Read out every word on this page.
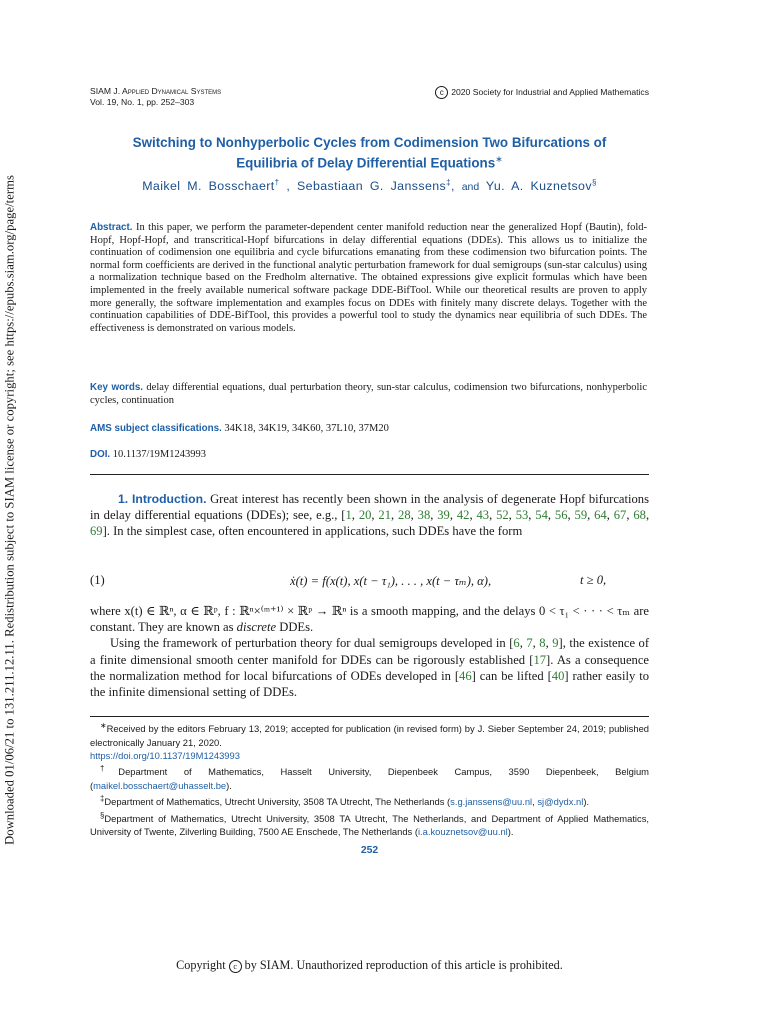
Downloaded 01/06/21 to 131.211.12.11. Redistribution subject to SIAM license or copyright; see https://epubs.siam.org/page/terms
SIAM J. Applied Dynamical Systems
Vol. 19, No. 1, pp. 252–303
c 2020 Society for Industrial and Applied Mathematics
Switching to Nonhyperbolic Cycles from Codimension Two Bifurcations of
Equilibria of Delay Differential Equations∗
Maikel M. Bosschaert† , Sebastiaan G. Janssens‡, and Yu. A. Kuznetsov§
Abstract. In this paper, we perform the parameter-dependent center manifold reduction near the generalized Hopf (Bautin), fold-Hopf, Hopf-Hopf, and transcritical-Hopf bifurcations in delay differential equations (DDEs). This allows us to initialize the continuation of codimension one equilibria and cycle bifurcations emanating from these codimension two bifurcation points. The normal form coefficients are derived in the functional analytic perturbation framework for dual semigroups (sun-star calculus) using a normalization technique based on the Fredholm alternative. The obtained expressions give explicit formulas which have been implemented in the freely available numerical software package DDE-BifTool. While our theoretical results are proven to apply more generally, the software implementation and examples focus on DDEs with finitely many discrete delays. Together with the continuation capabilities of DDE-BifTool, this provides a powerful tool to study the dynamics near equilibria of such DDEs. The effectiveness is demonstrated on various models.
Key words. delay differential equations, dual perturbation theory, sun-star calculus, codimension two bifurcations, nonhyperbolic cycles, continuation
AMS subject classifications. 34K18, 34K19, 34K60, 37L10, 37M20
DOI. 10.1137/19M1243993

1. Introduction. Great interest has recently been shown in the analysis of degenerate Hopf bifurcations in delay differential equations (DDEs); see, e.g., [1, 20, 21, 28, 38, 39, 42, 43, 52, 53, 54, 56, 59, 64, 67, 68, 69]. In the simplest case, often encountered in applications, such DDEs have the form

(1)	ẋ(t) = f(x(t), x(t − τ₁), . . . , x(t − τₘ), α),	t ≥ 0,

where x(t) ∈ ℝⁿ, α ∈ ℝᵖ, f : ℝⁿ×⁽ᵐ⁺¹⁾ × ℝᵖ → ℝⁿ is a smooth mapping, and the delays 0 < τ₁ < · · · < τₘ are constant. They are known as discrete DDEs.

Using the framework of perturbation theory for dual semigroups developed in [6, 7, 8, 9], the existence of a finite dimensional smooth center manifold for DDEs can be rigorously established [17]. As a consequence the normalization method for local bifurcations of ODEs developed in [46] can be lifted [40] rather easily to the infinite dimensional setting of DDEs.

∗Received by the editors February 13, 2019; accepted for publication (in revised form) by J. Sieber September 24, 2019; published electronically January 21, 2020.
https://doi.org/10.1137/19M1243993

†Department of Mathematics, Hasselt University, Diepenbeek Campus, 3590 Diepenbeek, Belgium (maikel.bosschaert@uhasselt.be).

‡Department of Mathematics, Utrecht University, 3508 TA Utrecht, The Netherlands (s.g.janssens@uu.nl, sj@dydx.nl).

§Department of Mathematics, Utrecht University, 3508 TA Utrecht, The Netherlands, and Department of Applied Mathematics, University of Twente, Zilverling Building, 7500 AE Enschede, The Netherlands (i.a.kouznetsov@uu.nl).

252
Copyright c by SIAM. Unauthorized reproduction of this article is prohibited.
